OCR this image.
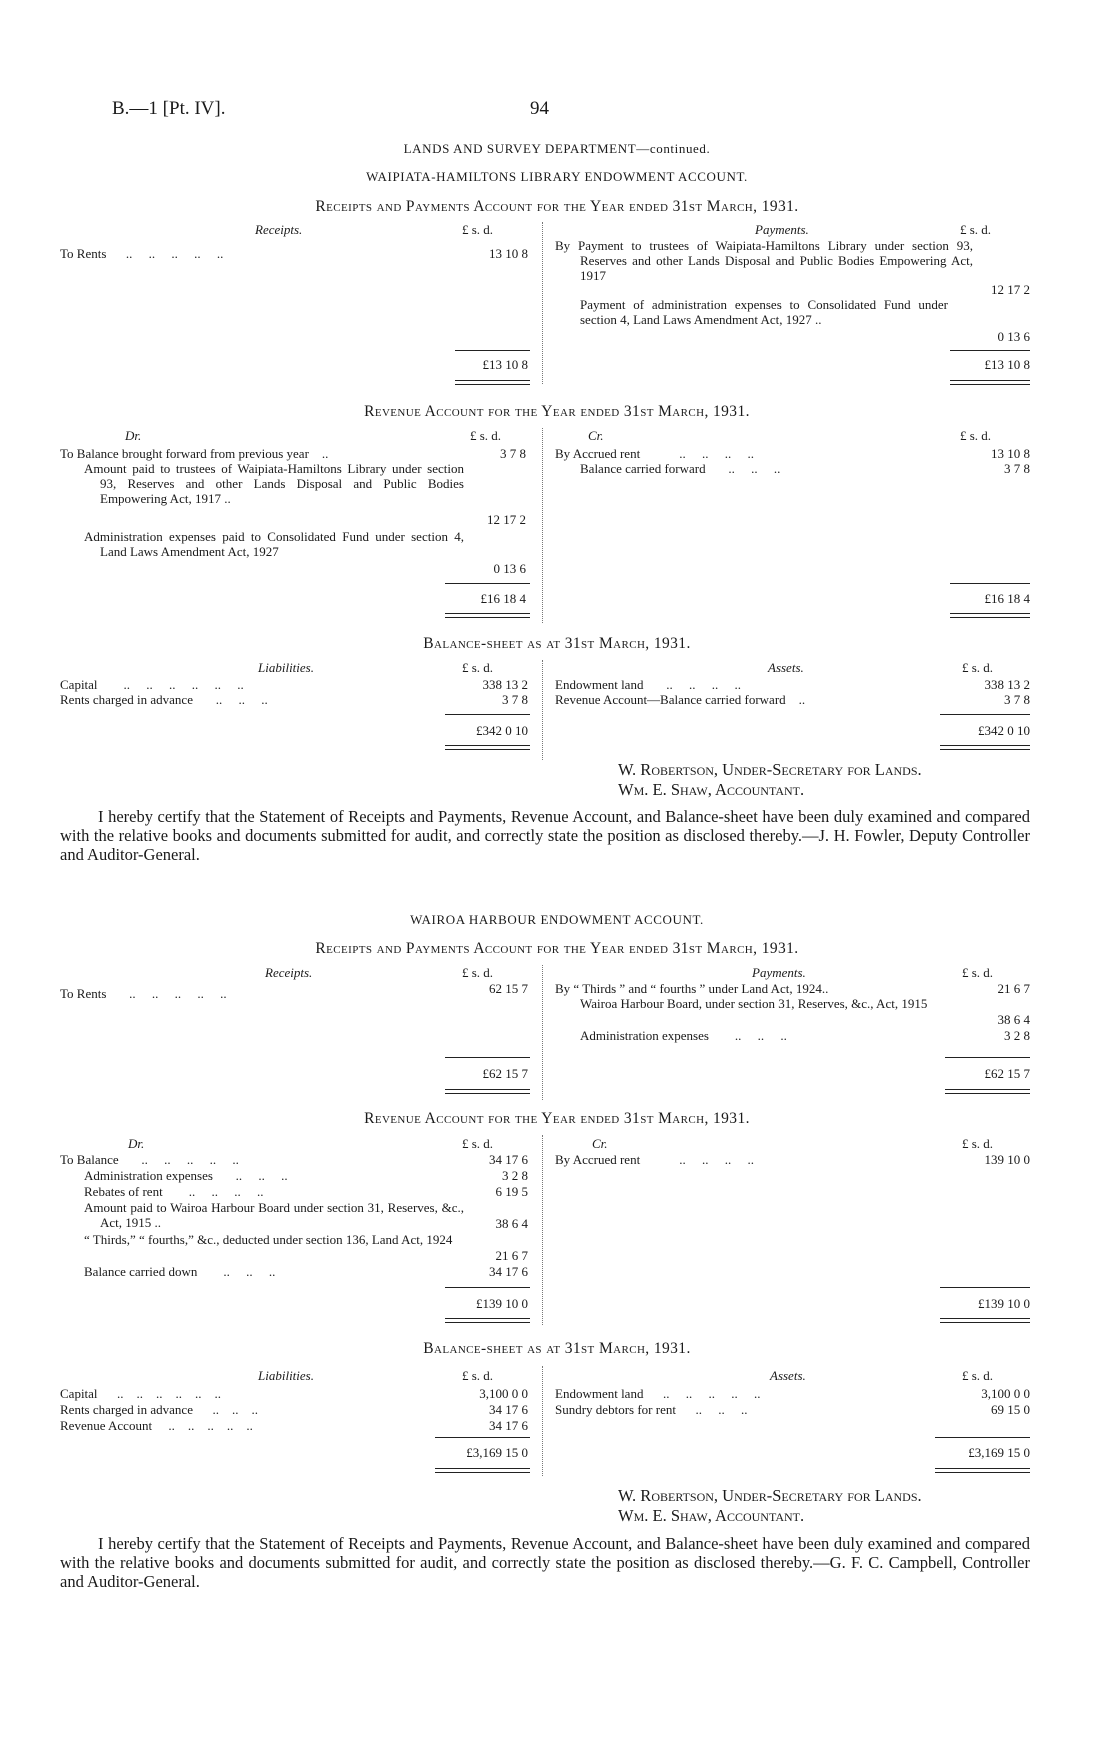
B.—1 [Pt. IV].	94
LANDS AND SURVEY DEPARTMENT—continued.
WAIPIATA-HAMILTONS LIBRARY ENDOWMENT ACCOUNT.
Receipts and Payments Account for the Year ended 31st March, 1931.
Receipts.	£ s. d.
To Rents      ..     ..     ..     ..     ..	13 10 8
Payments.	£ s. d.
By Payment to trustees of Waipiata-Hamiltons Library under section 93, Reserves and other Lands Disposal and Public Bodies Empowering Act, 1917
12 17 2
Payment of administration expenses to Consolidated Fund under section 4, Land Laws Amendment Act, 1927 ..
0 13 6
£13 10 8	£13 10 8
Revenue Account for the Year ended 31st March, 1931.
Dr.	£ s. d.
To Balance brought forward from previous year    ..	3 7 8
Amount paid to trustees of Waipiata-Hamiltons Library under section 93, Reserves and other Lands Disposal and Public Bodies Empowering Act, 1917 ..
12 17 2
Administration expenses paid to Consolidated Fund under section 4, Land Laws Amendment Act, 1927
0 13 6
Cr.	£ s. d.
By Accrued rent            ..     ..     ..     ..	13 10 8
Balance carried forward       ..     ..     ..	3 7 8
£16 18 4	£16 18 4
Balance-sheet as at 31st March, 1931.
Liabilities.	£ s. d.
Capital        ..     ..     ..     ..     ..     ..	338 13 2
Rents charged in advance       ..     ..     ..	3 7 8
Assets.	£ s. d.
Endowment land       ..     ..     ..     ..	338 13 2
Revenue Account—Balance carried forward    ..	3 7 8
£342 0 10	£342 0 10
W. Robertson, Under-Secretary for Lands.
Wm. E. Shaw, Accountant.
I hereby certify that the Statement of Receipts and Payments, Revenue Account, and Balance-sheet have been duly examined and compared with the relative books and documents submitted for audit, and correctly state the position as disclosed thereby.—J. H. Fowler, Deputy Controller and Auditor-General.
WAIROA HARBOUR ENDOWMENT ACCOUNT.
Receipts and Payments Account for the Year ended 31st March, 1931.
Receipts.	£ s. d.
To Rents       ..     ..     ..     ..     ..	62 15 7
Payments.	£ s. d.
By “ Thirds ” and “ fourths ” under Land Act, 1924..	21 6 7
Wairoa Harbour Board, under section 31, Reserves, &c., Act, 1915
38 6 4
Administration expenses        ..     ..     ..	3 2 8
£62 15 7	£62 15 7
Revenue Account for the Year ended 31st March, 1931.
Dr.	£ s. d.
To Balance       ..     ..     ..     ..     ..	34 17 6
Administration expenses       ..     ..     ..	3 2 8
Rebates of rent        ..     ..     ..     ..	6 19 5
Amount paid to Wairoa Harbour Board under section 31, Reserves, &c., Act, 1915 ..	38 6 4
“ Thirds,” “ fourths,” &c., deducted under section 136, Land Act, 1924
21 6 7
Balance carried down        ..     ..     ..	34 17 6
Cr.	£ s. d.
By Accrued rent            ..     ..     ..     ..	139 10 0
£139 10 0	£139 10 0
Balance-sheet as at 31st March, 1931.
Liabilities.	£ s. d.
Capital      ..    ..    ..    ..    ..    ..	3,100 0 0
Rents charged in advance      ..    ..    ..	34 17 6
Revenue Account     ..    ..    ..    ..    ..	34 17 6
Assets.	£ s. d.
Endowment land      ..     ..     ..     ..     ..	3,100 0 0
Sundry debtors for rent      ..     ..     ..	69 15 0
£3,169 15 0	£3,169 15 0
W. Robertson, Under-Secretary for Lands.
Wm. E. Shaw, Accountant.
I hereby certify that the Statement of Receipts and Payments, Revenue Account, and Balance-sheet have been duly examined and compared with the relative books and documents submitted for audit, and correctly state the position as disclosed thereby.—G. F. C. Campbell, Controller and Auditor-General.
